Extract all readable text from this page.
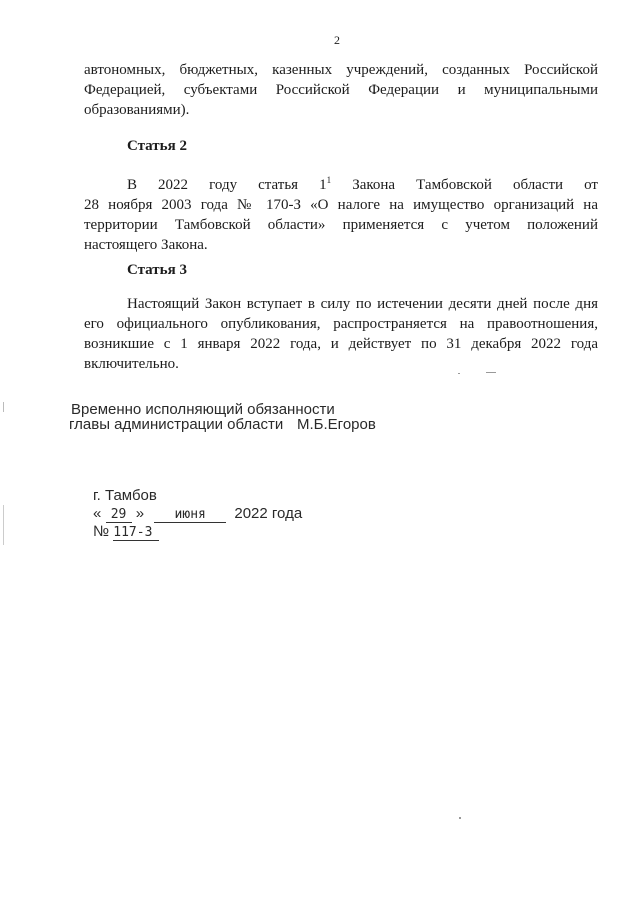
2
автономных, бюджетных, казенных учреждений, созданных Российской
Федерацией, субъектами Российской Федерации и муниципальными
образованиями).
Статья 2
В 2022 году статья $1^1$ Закона Тамбовской области от
28 ноября 2003 года № 170-З «О налоге на имущество организаций на
территории Тамбовской области» применяется с учетом положений
настоящего Закона.
Статья 3
Настоящий Закон вступает в силу по истечении десяти дней после дня
его официального опубликования, распространяется на правоотношения,
возникшие с 1 января 2022 года, и действует по 31 декабря 2022 года
включительно.
Временно исполняющий обязанности
главы администрации области М.Б.Егоров
г. Тамбов
« 29 » июня 2022 года
№ 117-З
